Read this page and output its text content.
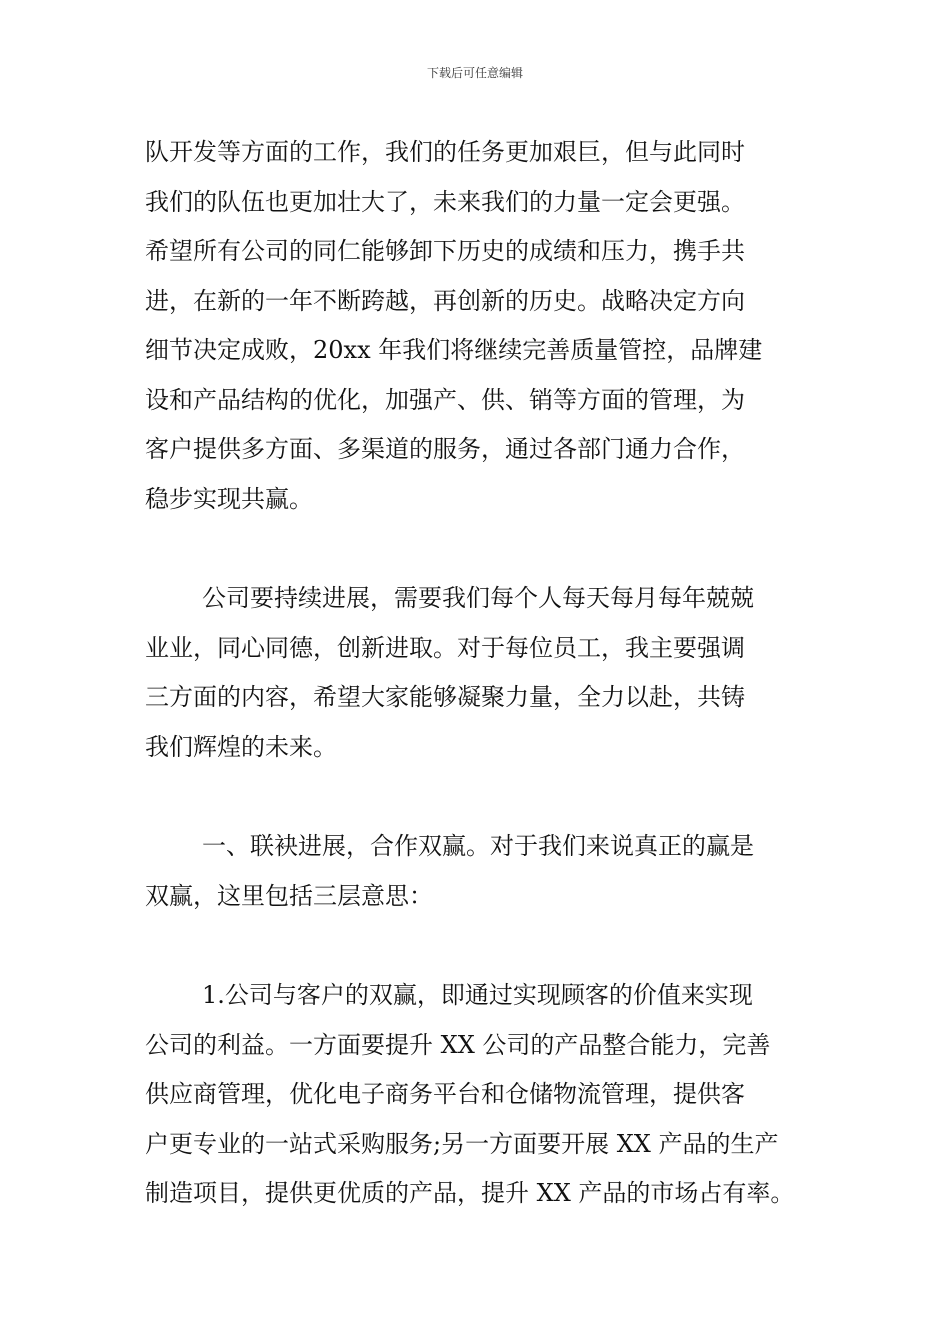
下载后可任意编辑

队开发等方面的工作，我们的任务更加艰巨，但与此同时
我们的队伍也更加壮大了，未来我们的力量一定会更强。
希望所有公司的同仁能够卸下历史的成绩和压力，携手共
进，在新的一年不断跨越，再创新的历史。战略决定方向
细节决定成败，20xx 年我们将继续完善质量管控，品牌建
设和产品结构的优化，加强产、供、销等方面的管理，为
客户提供多方面、多渠道的服务，通过各部门通力合作，
稳步实现共赢。

公司要持续进展，需要我们每个人每天每月每年兢兢
业业，同心同德，创新进取。对于每位员工，我主要强调
三方面的内容，希望大家能够凝聚力量，全力以赴，共铸
我们辉煌的未来。

一、联袂进展，合作双赢。对于我们来说真正的赢是
双赢，这里包括三层意思：

1.公司与客户的双赢，即通过实现顾客的价值来实现
公司的利益。一方面要提升 XX 公司的产品整合能力，完善
供应商管理，优化电子商务平台和仓储物流管理，提供客
户更专业的一站式采购服务;另一方面要开展 XX 产品的生产
制造项目，提供更优质的产品，提升 XX 产品的市场占有率。
